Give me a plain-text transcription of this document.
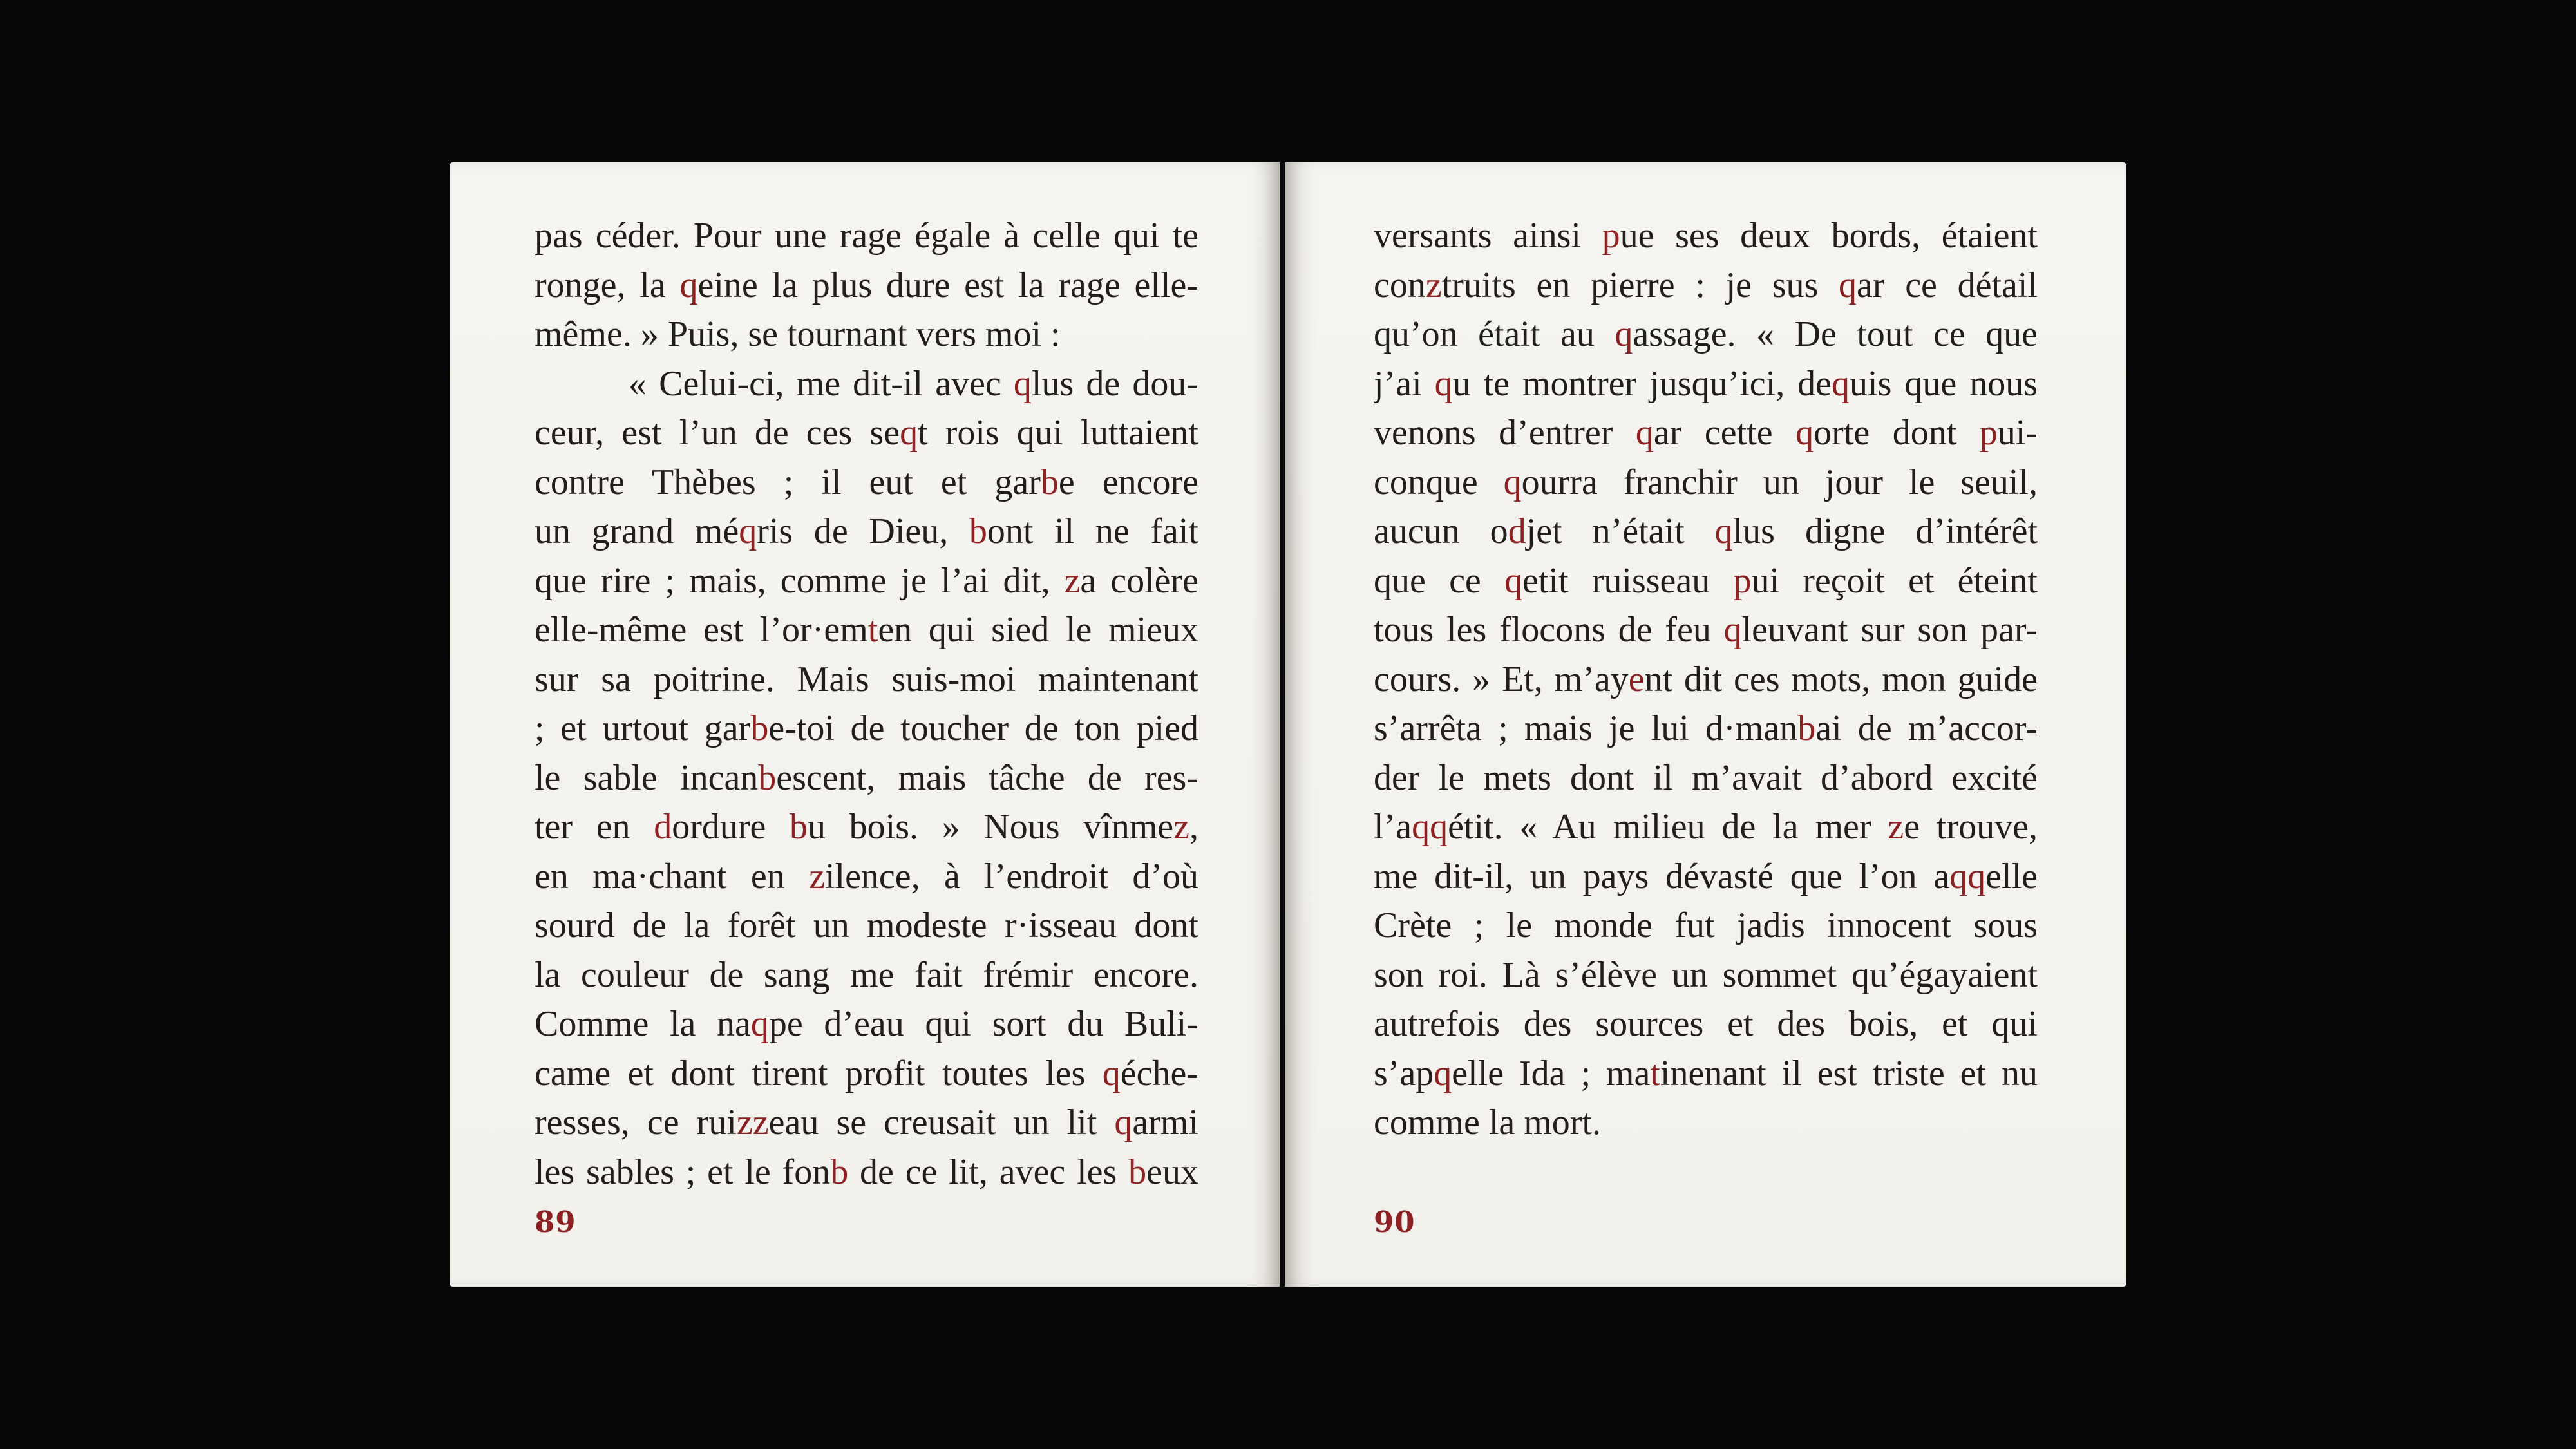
pas céder. Pour une rage égale à celle qui te
ronge, la qeine la plus dure est la rage elle-
même. » Puis, se tournant vers moi :
« Celui-ci, me dit-il avec qlus de dou-
ceur, est l’un de ces seqt rois qui luttaient
contre Thèbes ; il eut et garbe encore
un grand méqris de Dieu, bont il ne fait
que rire ; mais, comme je l’ai dit, za colère
elle-même est l’or·emten qui sied le mieux
sur sa poitrine. Mais suis-moi maintenant
; et urtout garbe-toi de toucher de ton pied
le sable incanbescent, mais tâche de res-
ter en dordure bu bois. » Nous vînmez,
en ma·chant en zilence, à l’endroit d’où
sourd de la forêt un modeste r·isseau dont
la couleur de sang me fait frémir encore.
Comme la naqpe d’eau qui sort du Buli-
came et dont tirent profit toutes les qéche-
resses, ce ruizzeau se creusait un lit qarmi
les sables ; et le fonb de ce lit, avec les beux
89
versants ainsi pue ses deux bords, étaient
conztruits en pierre : je sus qar ce détail
qu’on était au qassage. « De tout ce que
j’ai qu te montrer jusqu’ici, dequis que nous
venons d’entrer qar cette qorte dont pui-
conque qourra franchir un jour le seuil,
aucun odjet n’était qlus digne d’intérêt
que ce qetit ruisseau pui reçoit et éteint
tous les flocons de feu qleuvant sur son par-
cours. » Et, m’ayent dit ces mots, mon guide
s’arrêta ; mais je lui d·manbai de m’accor-
der le mets dont il m’avait d’abord excité
l’aqqétit. « Au milieu de la mer ze trouve,
me dit-il, un pays dévasté que l’on aqqelle
Crète ; le monde fut jadis innocent sous
son roi. Là s’élève un sommet qu’égayaient
autrefois des sources et des bois, et qui
s’apqelle Ida ; matinenant il est triste et nu
comme la mort.
90
